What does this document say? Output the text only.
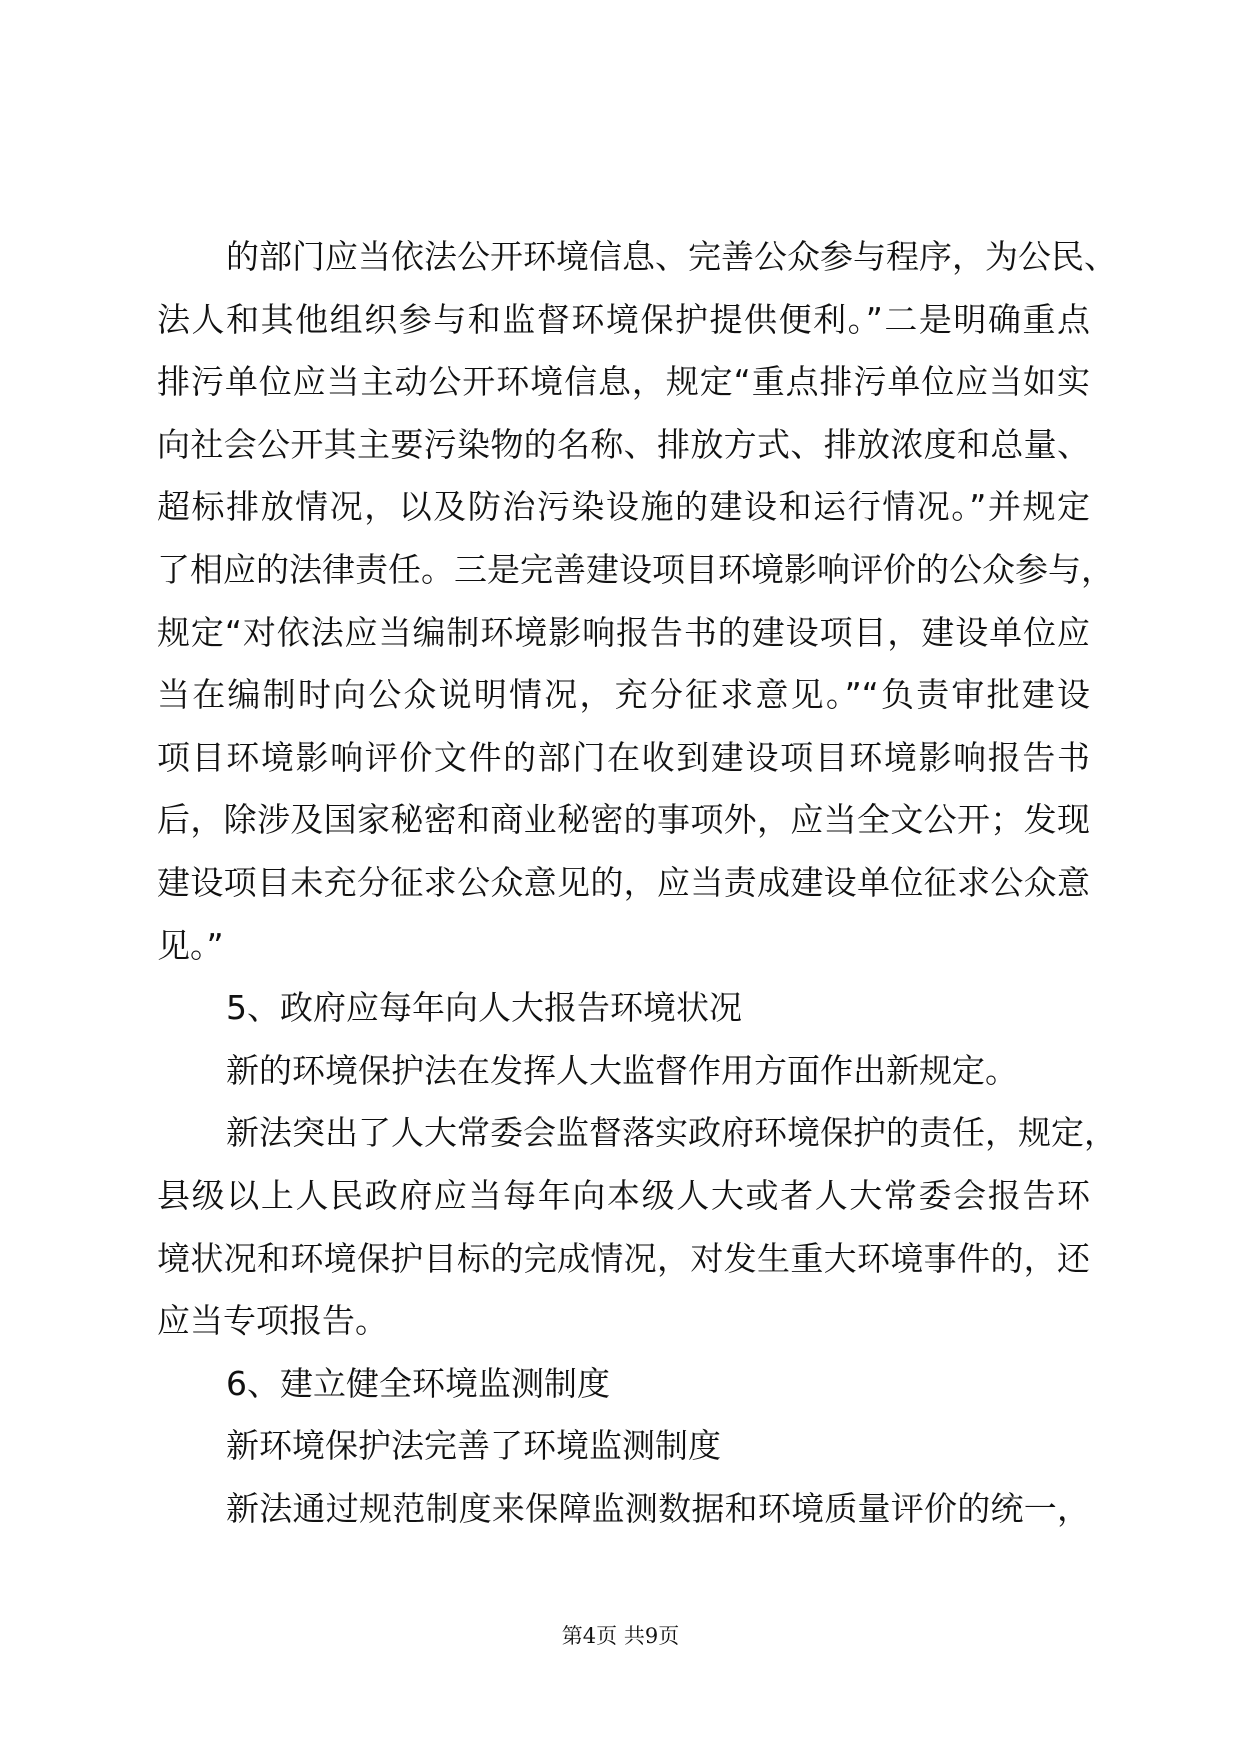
的部门应当依法公开环境信息、完善公众参与程序，为公民、
法人和其他组织参与和监督环境保护提供便利。”二是明确重点
排污单位应当主动公开环境信息，规定“重点排污单位应当如实
向社会公开其主要污染物的名称、排放方式、排放浓度和总量、
超标排放情况，以及防治污染设施的建设和运行情况。”并规定
了相应的法律责任。三是完善建设项目环境影响评价的公众参与，
规定“对依法应当编制环境影响报告书的建设项目，建设单位应
当在编制时向公众说明情况，充分征求意见。”“负责审批建设
项目环境影响评价文件的部门在收到建设项目环境影响报告书
后，除涉及国家秘密和商业秘密的事项外，应当全文公开；发现
建设项目未充分征求公众意见的，应当责成建设单位征求公众意
见。”
5、政府应每年向人大报告环境状况
新的环境保护法在发挥人大监督作用方面作出新规定。
新法突出了人大常委会监督落实政府环境保护的责任，规定，
县级以上人民政府应当每年向本级人大或者人大常委会报告环
境状况和环境保护目标的完成情况，对发生重大环境事件的，还
应当专项报告。
6、建立健全环境监测制度
新环境保护法完善了环境监测制度
新法通过规范制度来保障监测数据和环境质量评价的统一，
第4页 共9页
